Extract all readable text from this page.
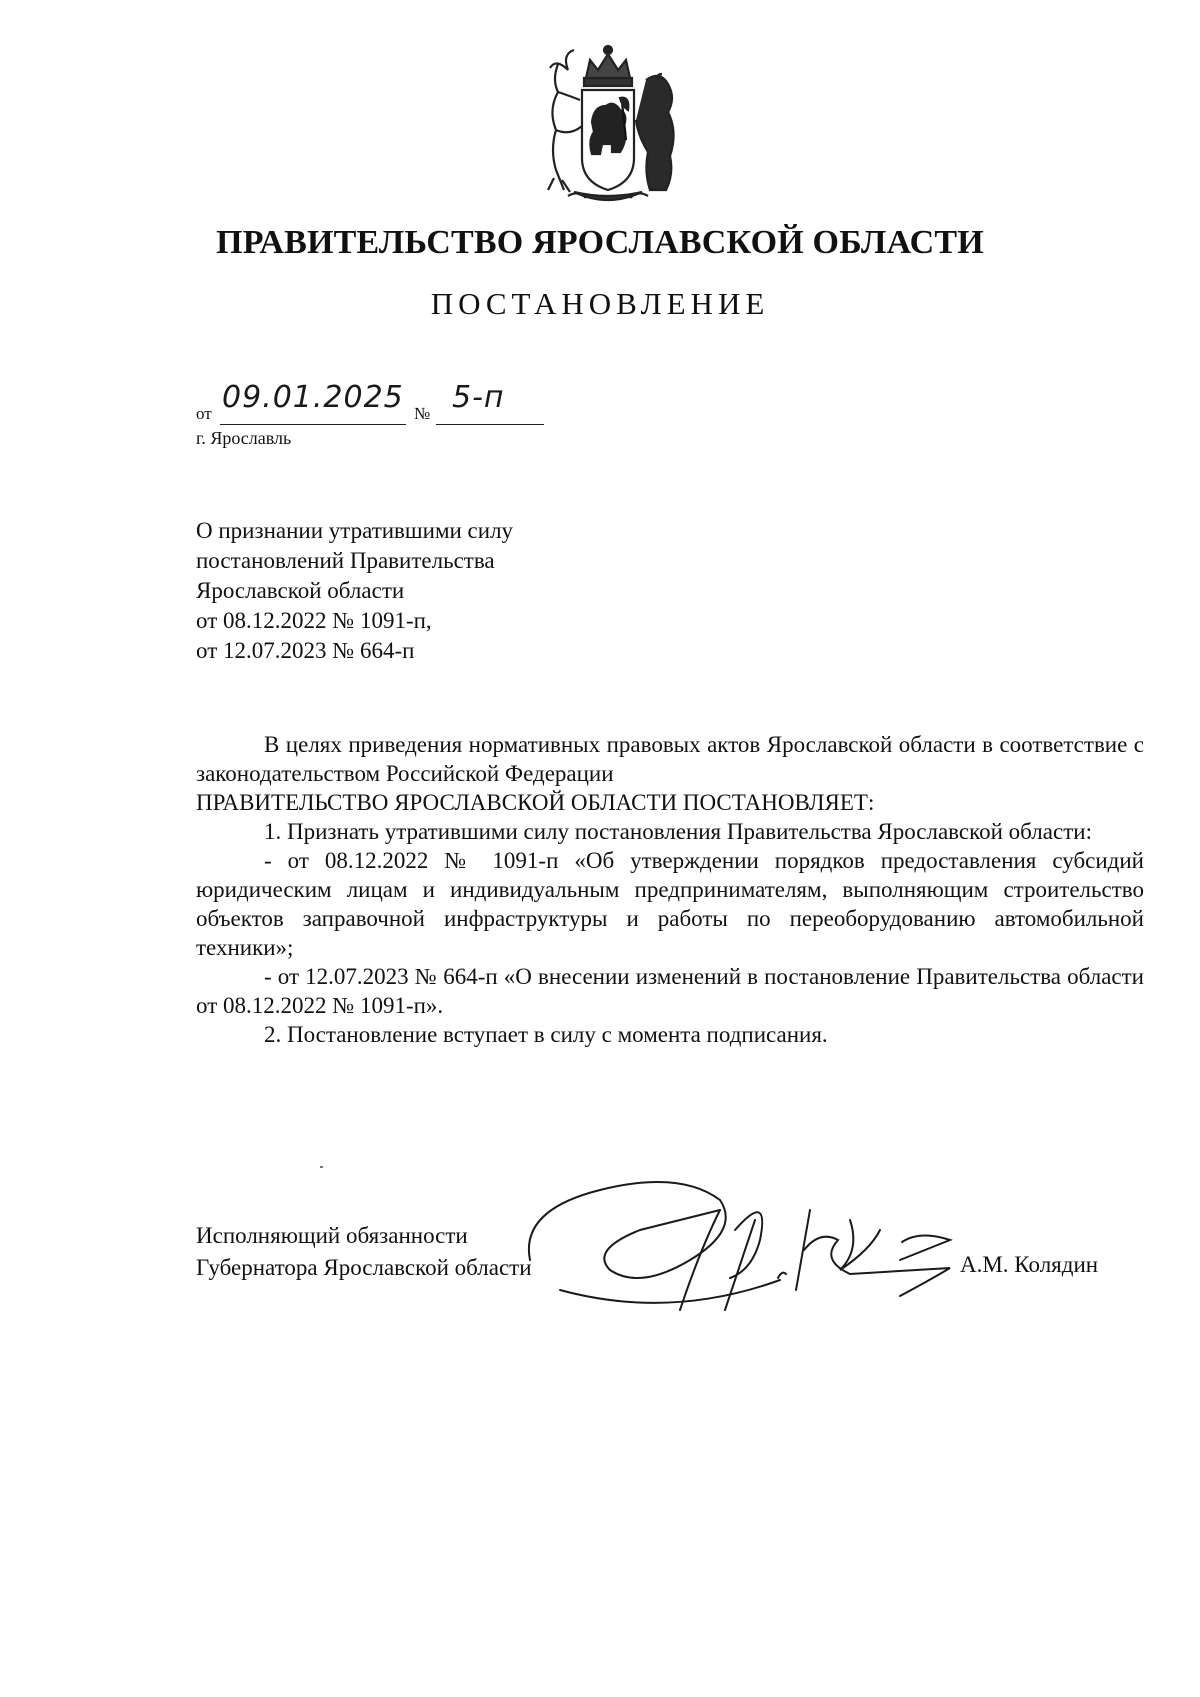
ПРАВИТЕЛЬСТВО ЯРОСЛАВСКОЙ ОБЛАСТИ
ПОСТАНОВЛЕНИЕ
от 09.01.2025 № 5-п
г. Ярославль
О признании утратившими силу
постановлений Правительства
Ярославской области
от 08.12.2022 № 1091-п,
от 12.07.2023 № 664-п

В целях приведения нормативных правовых актов Ярославской области в соответствие с законодательством Российской Федерации

ПРАВИТЕЛЬСТВО ЯРОСЛАВСКОЙ ОБЛАСТИ ПОСТАНОВЛЯЕТ:

1. Признать утратившими силу постановления Правительства Ярославской области:

- от 08.12.2022 № 1091-п «Об утверждении порядков предоставления субсидий юридическим лицам и индивидуальным предпринимателям, выполняющим строительство объектов заправочной инфраструктуры и работы по переоборудованию автомобильной техники»;

- от 12.07.2023 № 664-п «О внесении изменений в постановление Правительства области от 08.12.2022 № 1091-п».

2. Постановление вступает в силу с момента подписания.

Исполняющий обязанности
Губернатора Ярославской области	А.М. Колядин
